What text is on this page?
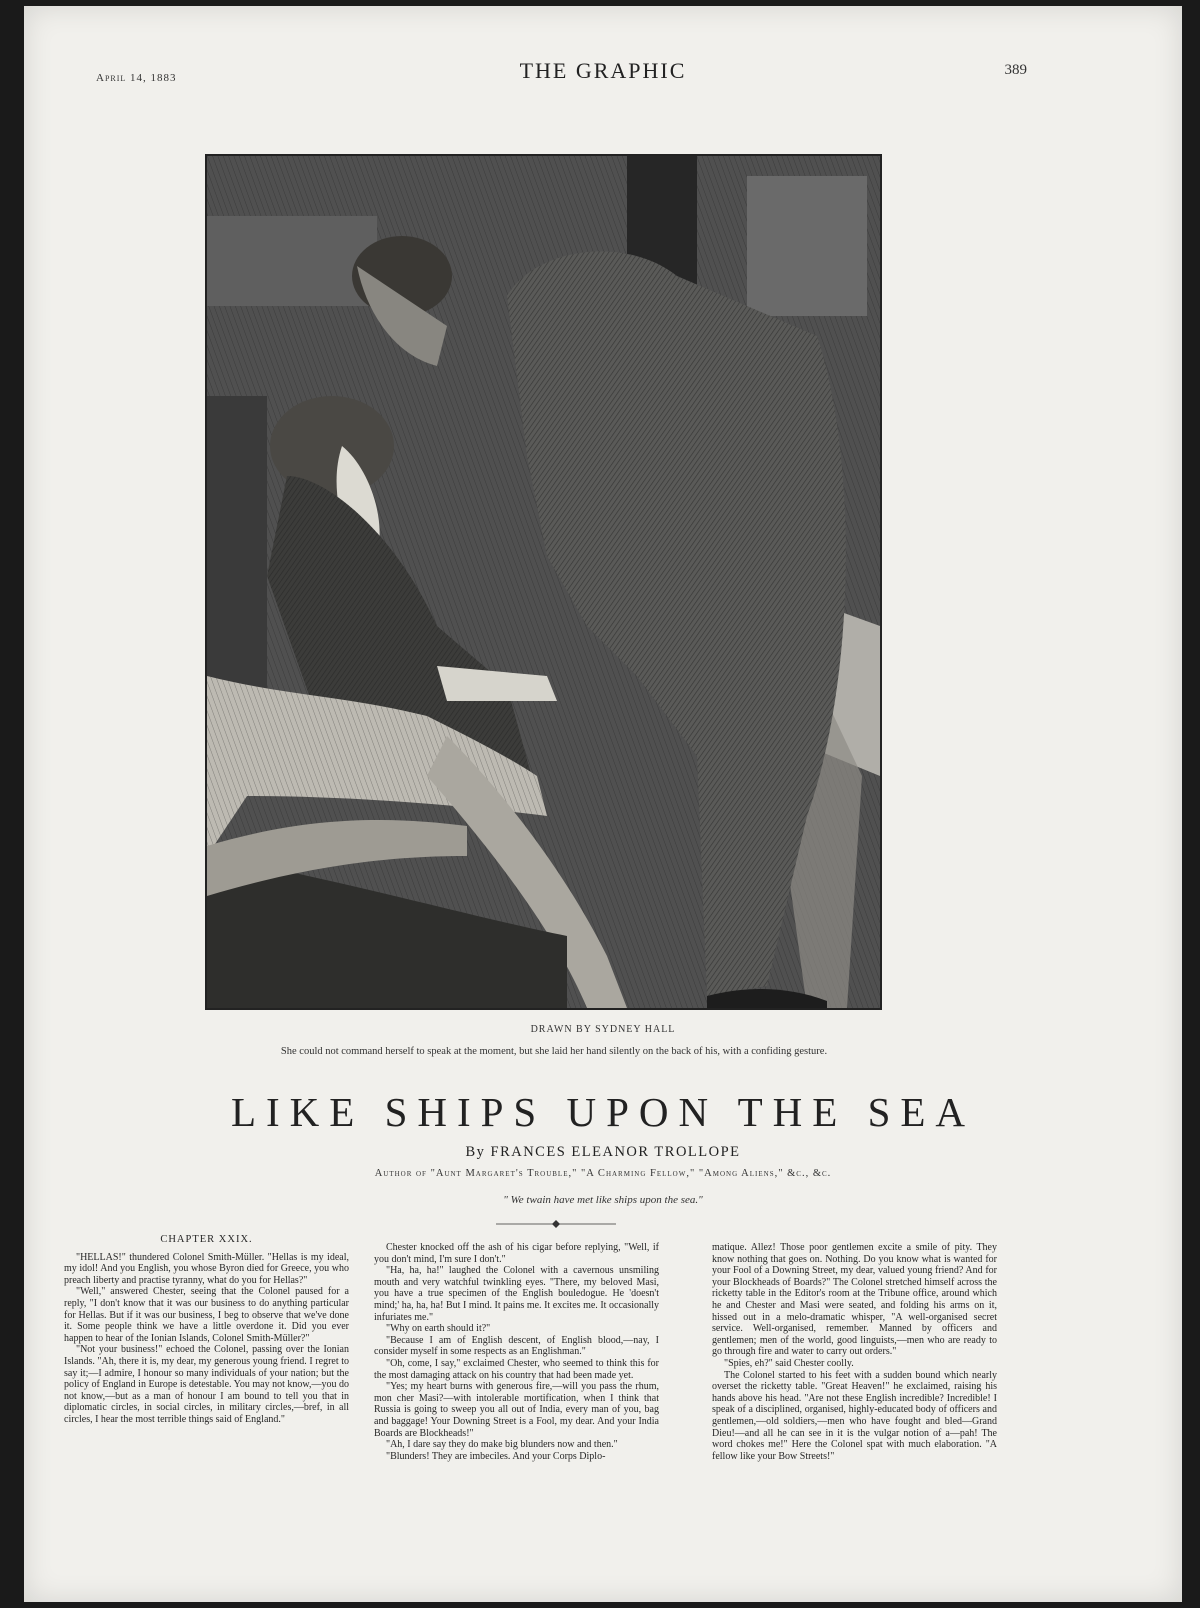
April 14, 1883	THE GRAPHIC	389
DRAWN BY SYDNEY HALL
She could not command herself to speak at the moment, but she laid her hand silently on the back of his, with a confiding gesture.
LIKE SHIPS UPON THE SEA
By FRANCES ELEANOR TROLLOPE
Author of "Aunt Margaret's Trouble," "A Charming Fellow," "Among Aliens," &c., &c.
" We twain have met like ships upon the sea."
CHAPTER XXIX.

"HELLAS!" thundered Colonel Smith-Müller. "Hellas is my ideal, my idol! And you English, you whose Byron died for Greece, you who preach liberty and practise tyranny, what do you for Hellas?"

"Well," answered Chester, seeing that the Colonel paused for a reply, "I don't know that it was our business to do anything particular for Hellas. But if it was our business, I beg to observe that we've done it. Some people think we have a little overdone it. Did you ever happen to hear of the Ionian Islands, Colonel Smith-Müller?"

"Not your business!" echoed the Colonel, passing over the Ionian Islands. "Ah, there it is, my dear, my generous young friend. I regret to say it;—I admire, I honour so many individuals of your nation; but the policy of England in Europe is detestable. You may not know,—you do not know,—but as a man of honour I am bound to tell you that in diplomatic circles, in social circles, in military circles,—bref, in all circles, I hear the most terrible things said of England."

Chester knocked off the ash of his cigar before replying, "Well, if you don't mind, I'm sure I don't."

"Ha, ha, ha!" laughed the Colonel with a cavernous unsmiling mouth and very watchful twinkling eyes. "There, my beloved Masi, you have a true specimen of the English bouledogue. He 'doesn't mind;' ha, ha, ha! But I mind. It pains me. It excites me. It occasionally infuriates me."

"Why on earth should it?"

"Because I am of English descent, of English blood,—nay, I consider myself in some respects as an Englishman."

"Oh, come, I say," exclaimed Chester, who seemed to think this for the most damaging attack on his country that had been made yet.

"Yes; my heart burns with generous fire,—will you pass the rhum, mon cher Masi?—with intolerable mortification, when I think that Russia is going to sweep you all out of India, every man of you, bag and baggage! Your Downing Street is a Fool, my dear. And your India Boards are Blockheads!"

"Ah, I dare say they do make big blunders now and then."

"Blunders! They are imbeciles. And your Corps Diplo-

matique. Allez! Those poor gentlemen excite a smile of pity. They know nothing that goes on. Nothing. Do you know what is wanted for your Fool of a Downing Street, my dear, valued young friend? And for your Blockheads of Boards?" The Colonel stretched himself across the ricketty table in the Editor's room at the Tribune office, around which he and Chester and Masi were seated, and folding his arms on it, hissed out in a melo-dramatic whisper, "A well-organised secret service. Well-organised, remember. Manned by officers and gentlemen; men of the world, good linguists,—men who are ready to go through fire and water to carry out orders."

"Spies, eh?" said Chester coolly.

The Colonel started to his feet with a sudden bound which nearly overset the ricketty table. "Great Heaven!" he exclaimed, raising his hands above his head. "Are not these English incredible? Incredible! I speak of a disciplined, organised, highly-educated body of officers and gentlemen,—old soldiers,—men who have fought and bled—Grand Dieu!—and all he can see in it is the vulgar notion of a—pah! The word chokes me!" Here the Colonel spat with much elaboration. "A fellow like your Bow Streets!"
